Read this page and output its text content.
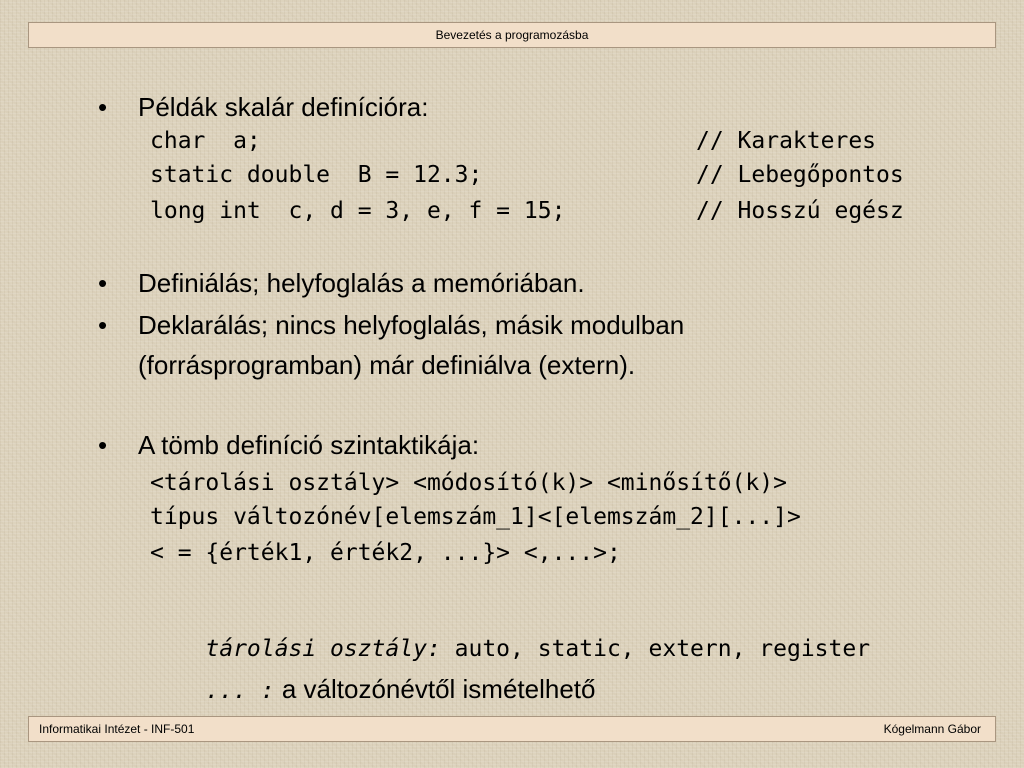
Bevezetés a programozásba
• Példák skalár definícióra:
char  a;	// Karakteres
static double  B = 12.3;	// Lebegőpontos
long int  c, d = 3, e, f = 15;	// Hosszú egész
• Definiálás; helyfoglalás a memóriában.
• Deklarálás; nincs helyfoglalás, másik modulban
(forrásprogramban) már definiálva (extern).
• A tömb definíció szintaktikája:
<tárolási osztály> <módosító(k)> <minősítő(k)>
típus változónév[elemszám_1]<[elemszám_2][...]>
< = {érték1, érték2, ...}> <,...>;

tárolási osztály: auto, static, extern, register

... : a változónévtől ismételhető

Informatikai Intézet - INF-501	Kógelmann Gábor
